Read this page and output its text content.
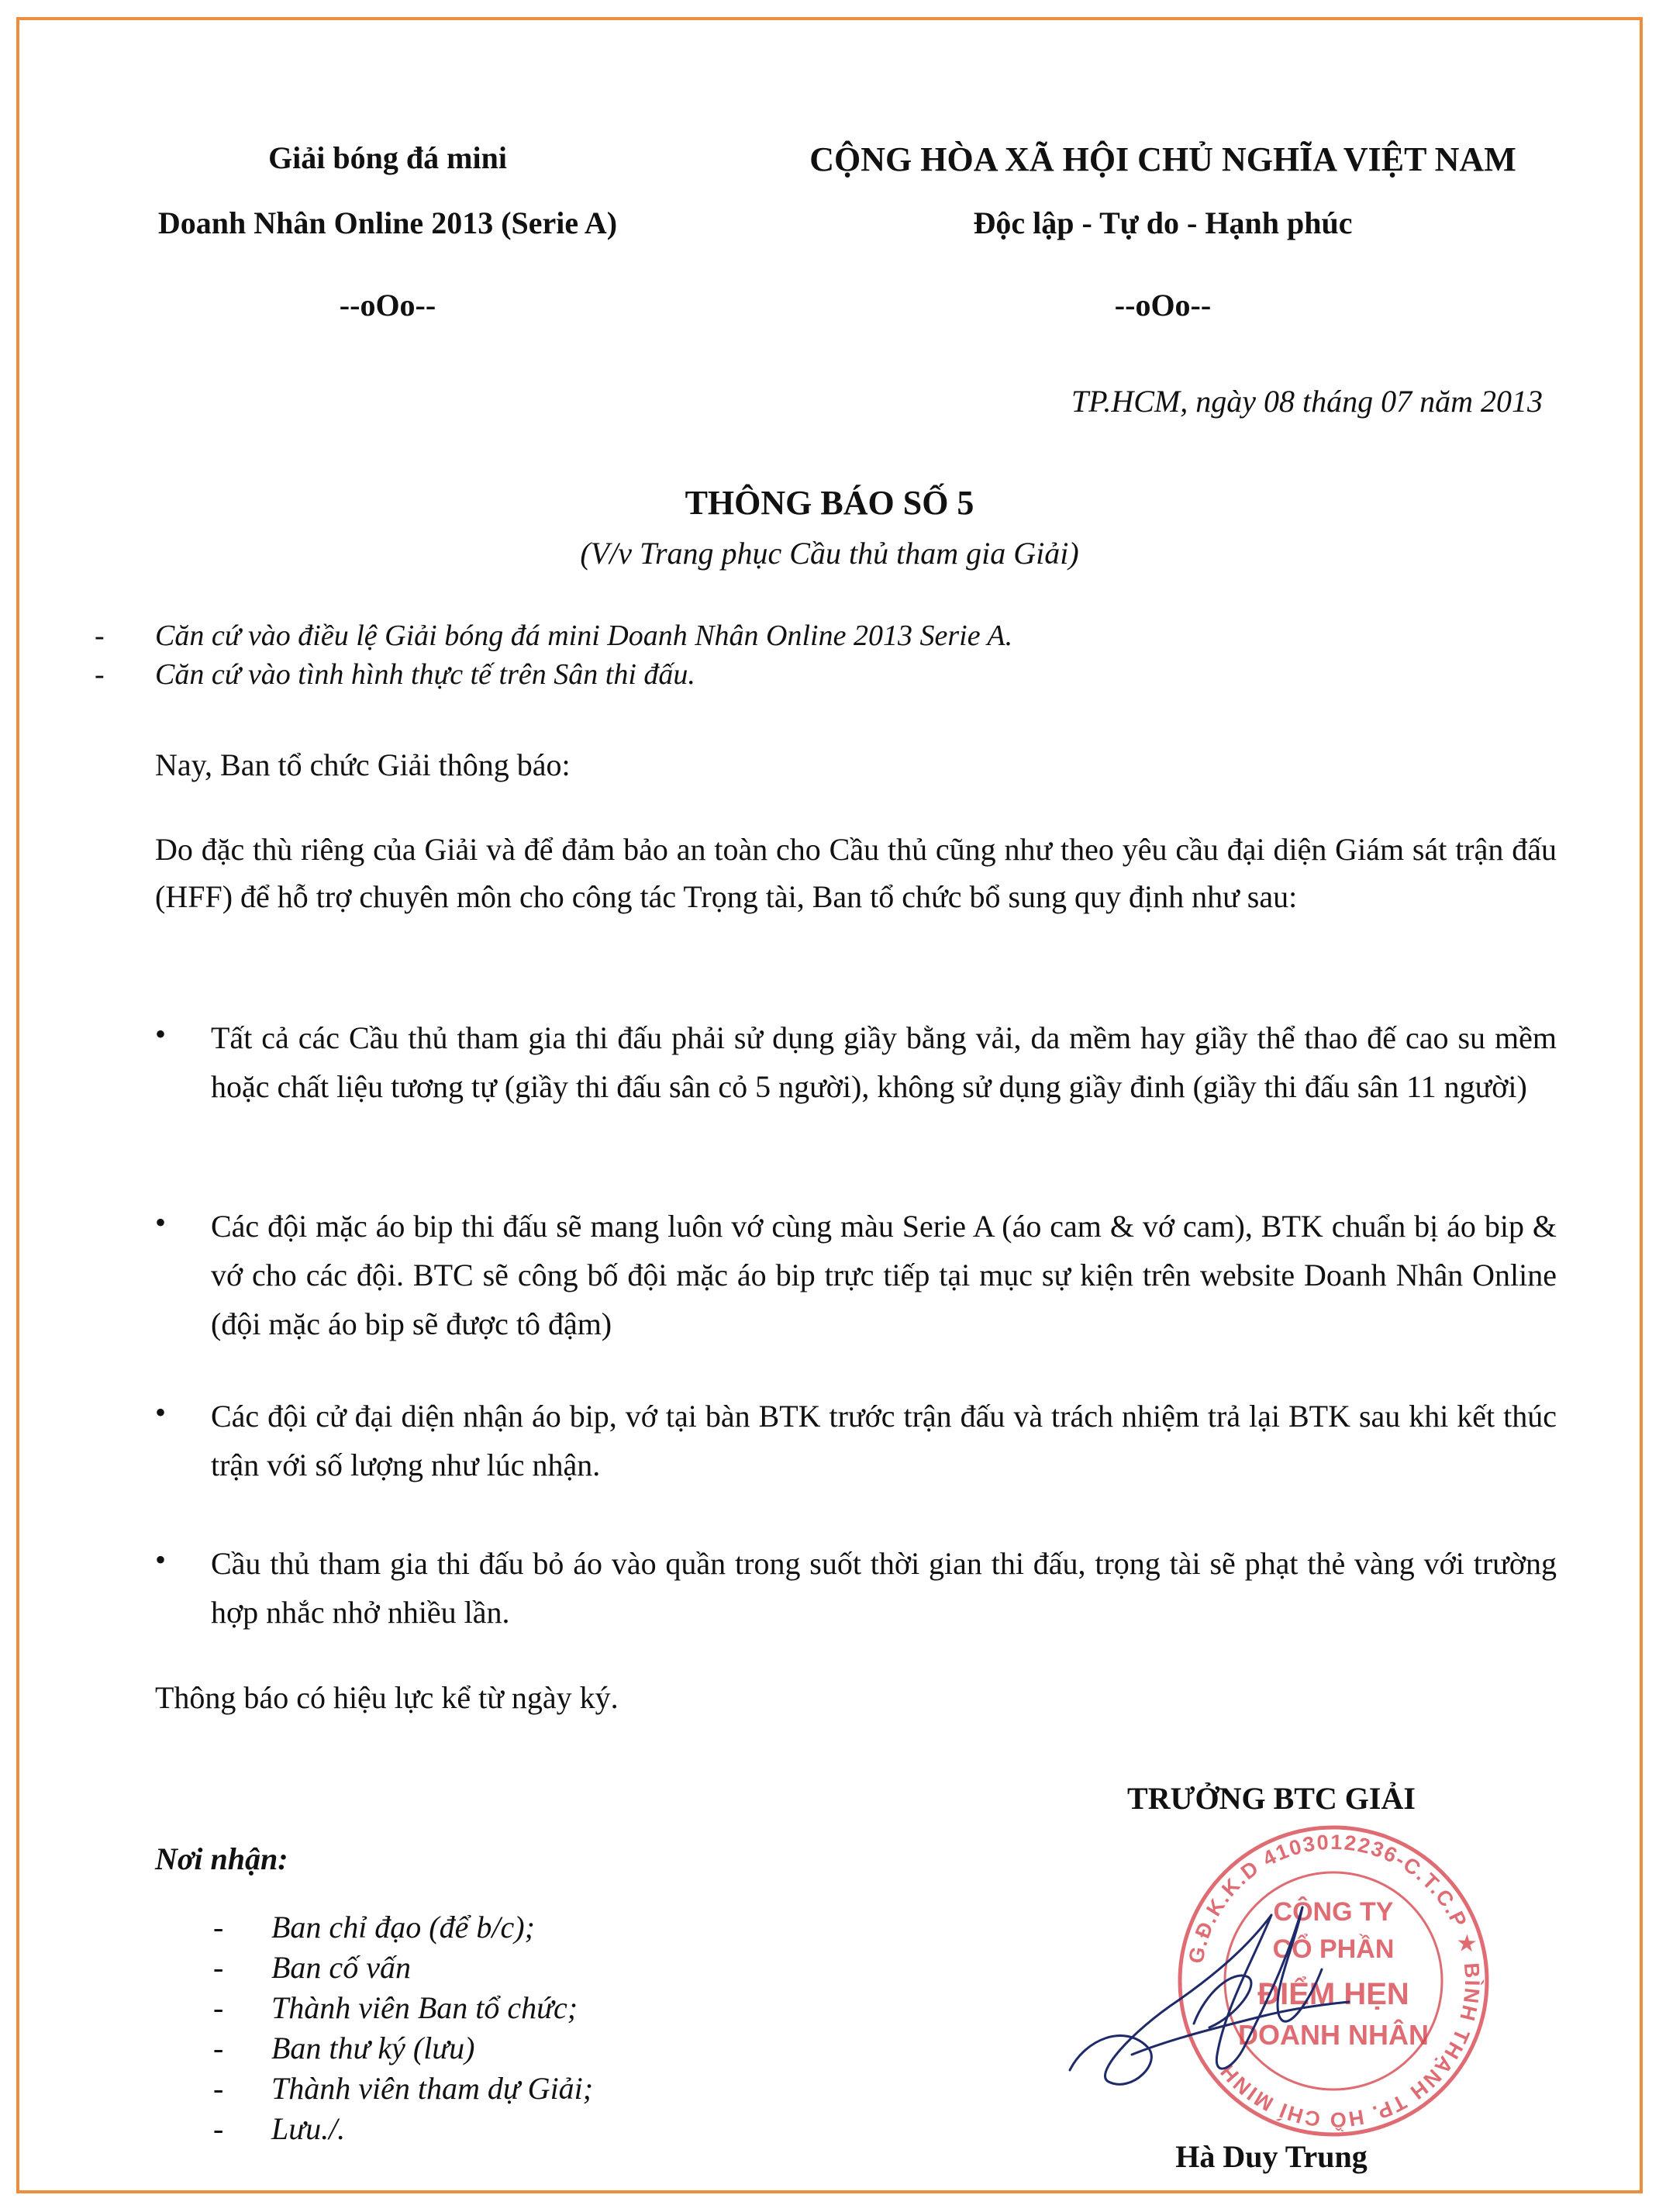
Giải bóng đá mini
Doanh Nhân Online 2013 (Serie A)
--oOo--
CỘNG HÒA XÃ HỘI CHỦ NGHĨA VIỆT NAM
Độc lập - Tự do - Hạnh phúc
--oOo--
TP.HCM, ngày 08 tháng 07 năm 2013
THÔNG BÁO SỐ 5
(V/v Trang phục Cầu thủ tham gia Giải)
- Căn cứ vào điều lệ Giải bóng đá mini Doanh Nhân Online 2013 Serie A.
- Căn cứ vào tình hình thực tế trên Sân thi đấu.
Nay, Ban tổ chức Giải thông báo:
Do đặc thù riêng của Giải và để đảm bảo an toàn cho Cầu thủ cũng như theo yêu cầu đại diện Giám sát trận đấu (HFF) để hỗ trợ chuyên môn cho công tác Trọng tài, Ban tổ chức bổ sung quy định như sau:
• Tất cả các Cầu thủ tham gia thi đấu phải sử dụng giầy bằng vải, da mềm hay giầy thể thao đế cao su mềm hoặc chất liệu tương tự (giầy thi đấu sân cỏ 5 người), không sử dụng giầy đinh (giầy thi đấu sân 11 người)
• Các đội mặc áo bip thi đấu sẽ mang luôn vớ cùng màu Serie A (áo cam & vớ cam), BTK chuẩn bị áo bip & vớ cho các đội. BTC sẽ công bố đội mặc áo bip trực tiếp tại mục sự kiện trên website Doanh Nhân Online (đội mặc áo bip sẽ được tô đậm)
• Các đội cử đại diện nhận áo bip, vớ tại bàn BTK trước trận đấu và trách nhiệm trả lại BTK sau khi kết thúc trận với số lượng như lúc nhận.
• Cầu thủ tham gia thi đấu bỏ áo vào quần trong suốt thời gian thi đấu, trọng tài sẽ phạt thẻ vàng với trường hợp nhắc nhở nhiều lần.
Thông báo có hiệu lực kể từ ngày ký.
TRƯỞNG BTC GIẢI
G.Đ.K.K.D 4103012236-C.T.C.P ★ BÌNH THẠNH TP. HỒ CHÍ MINH
CÔNG TY
CỔ PHẦN
ĐIỂM HẸN
DOANH NHÂN
Hà Duy Trung
Nơi nhận:
- Ban chỉ đạo (để b/c);
- Ban cố vấn
- Thành viên Ban tổ chức;
- Ban thư ký (lưu)
- Thành viên tham dự Giải;
- Lưu./.
